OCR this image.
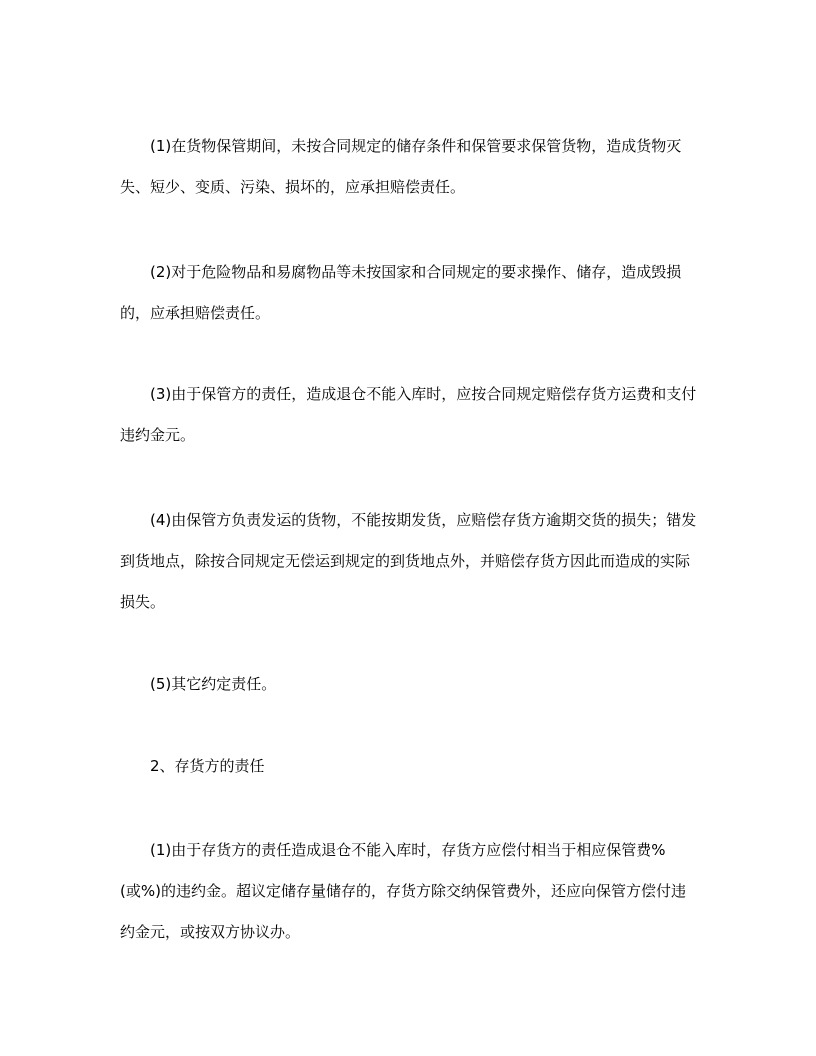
(1)在货物保管期间，未按合同规定的储存条件和保管要求保管货物，造成货物灭失、短少、变质、污染、损坏的，应承担赔偿责任。

(2)对于危险物品和易腐物品等未按国家和合同规定的要求操作、储存，造成毁损的，应承担赔偿责任。

(3)由于保管方的责任，造成退仓不能入库时，应按合同规定赔偿存货方运费和支付违约金元。

(4)由保管方负责发运的货物，不能按期发货，应赔偿存货方逾期交货的损失；错发到货地点，除按合同规定无偿运到规定的到货地点外，并赔偿存货方因此而造成的实际损失。

(5)其它约定责任。

2、存货方的责任

(1)由于存货方的责任造成退仓不能入库时，存货方应偿付相当于相应保管费%(或%)的违约金。超议定储存量储存的，存货方除交纳保管费外，还应向保管方偿付违约金元，或按双方协议办。
